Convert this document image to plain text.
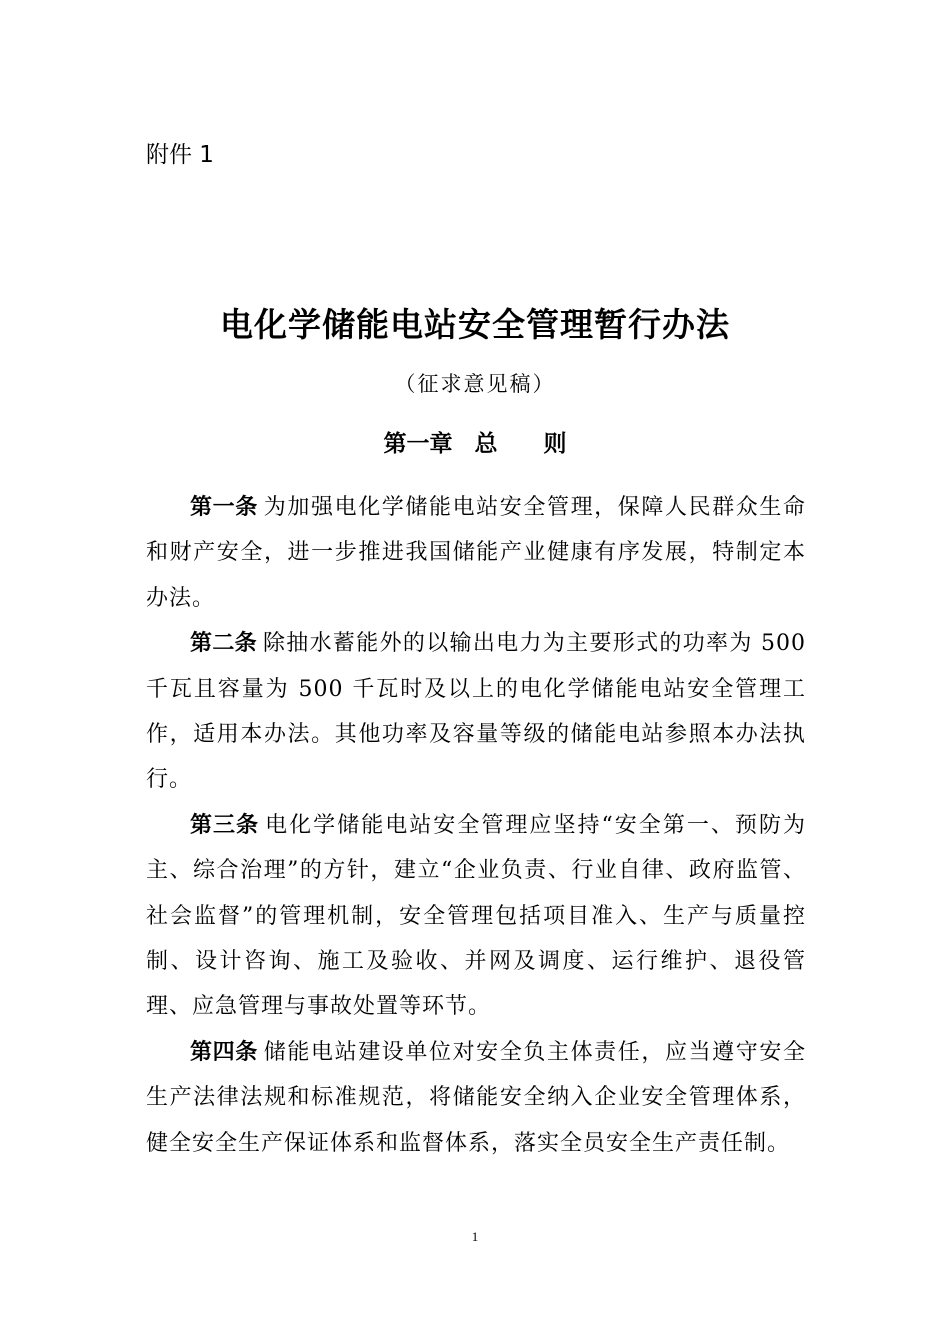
附件 1
电化学储能电站安全管理暂行办法
（征求意见稿）
第一章 总 则

第一条 为加强电化学储能电站安全管理，保障人民群众生命和财产安全，进一步推进我国储能产业健康有序发展，特制定本办法。

第二条 除抽水蓄能外的以输出电力为主要形式的功率为 500 千瓦且容量为 500 千瓦时及以上的电化学储能电站安全管理工作，适用本办法。其他功率及容量等级的储能电站参照本办法执行。

第三条 电化学储能电站安全管理应坚持“安全第一、预防为主、综合治理”的方针，建立“企业负责、行业自律、政府监管、社会监督”的管理机制，安全管理包括项目准入、生产与质量控制、设计咨询、施工及验收、并网及调度、运行维护、退役管理、应急管理与事故处置等环节。

第四条 储能电站建设单位对安全负主体责任，应当遵守安全生产法律法规和标准规范，将储能安全纳入企业安全管理体系，健全安全生产保证体系和监督体系，落实全员安全生产责任制。

1
